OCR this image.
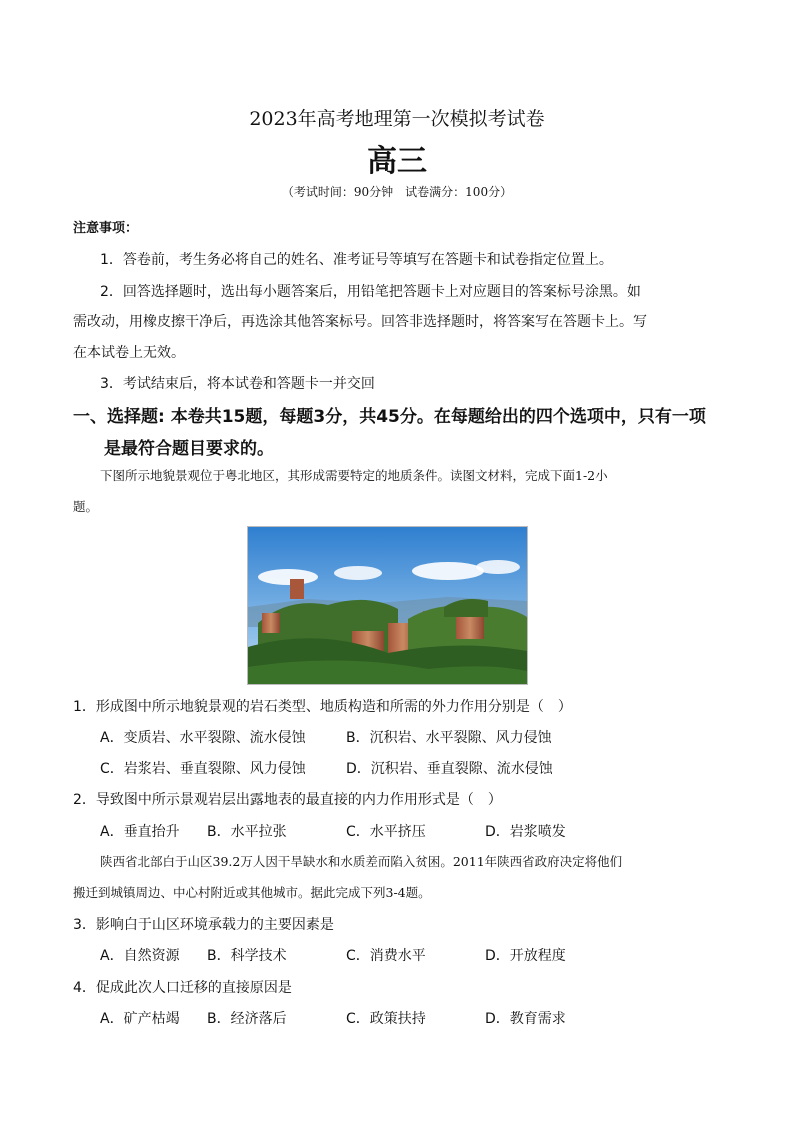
2023年高考地理第一次模拟考试卷
高三
（考试时间：90分钟　试卷满分：100分）
注意事项：
1．答卷前，考生务必将自己的姓名、准考证号等填写在答题卡和试卷指定位置上。
2．回答选择题时，选出每小题答案后，用铅笔把答题卡上对应题目的答案标号涂黑。如
需改动，用橡皮擦干净后，再选涂其他答案标号。回答非选择题时，将答案写在答题卡上。写
在本试卷上无效。
3．考试结束后，将本试卷和答题卡一并交回
一、选择题: 本卷共15题，每题3分，共45分。在每题给出的四个选项中，只有一项
是最符合题目要求的。
下图所示地貌景观位于粤北地区，其形成需要特定的地质条件。读图文材料，完成下面1-2小
题。
1．形成图中所示地貌景观的岩石类型、地质构造和所需的外力作用分别是（　）
A．变质岩、水平裂隙、流水侵蚀	B．沉积岩、水平裂隙、风力侵蚀
C．岩浆岩、垂直裂隙、风力侵蚀	D．沉积岩、垂直裂隙、流水侵蚀
2．导致图中所示景观岩层出露地表的最直接的内力作用形式是（　）
A．垂直抬升 B．水平拉张	C．水平挤压	D．岩浆喷发
陕西省北部白于山区39.2万人因干旱缺水和水质差而陷入贫困。2011年陕西省政府决定将他们
搬迁到城镇周边、中心村附近或其他城市。据此完成下列3-4题。
3．影响白于山区环境承载力的主要因素是
A．自然资源 B．科学技术	C．消费水平	D．开放程度
4．促成此次人口迁移的直接原因是
A．矿产枯竭 B．经济落后	C．政策扶持	D．教育需求
